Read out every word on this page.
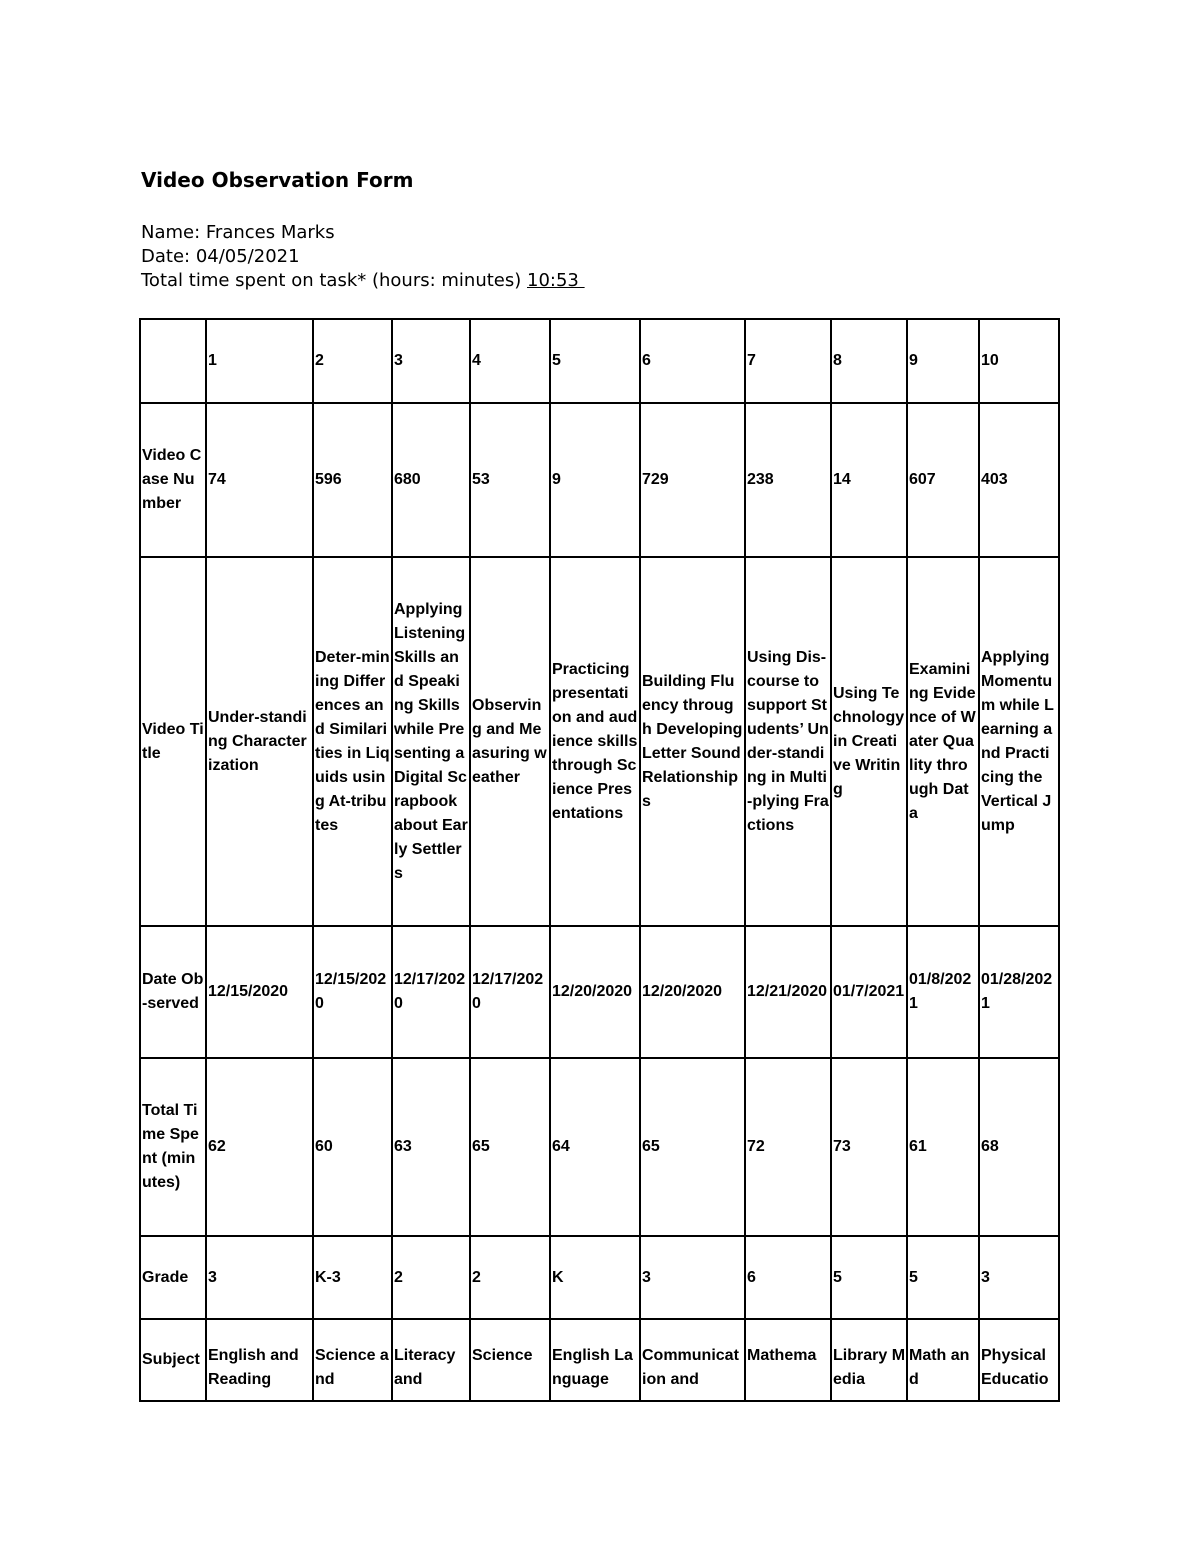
Video Observation Form

Name: Frances Marks

Date: 04/05/2021

Total time spent on task* (hours: minutes) 10:53

	1	2	3	4	5	6	7	8	9	10
Video Case Number	74	596	680	53	9	729	238	14	607	403
Video Title	Under-standing Characterization	Deter-mining Differences and Similarities in Liquids using At-tributes	Applying Listening Skills and Speaking Skills while Presenting a Digital Scrapbook about Early Settlers	Observing and Measuring weather	Practicing presentation and audience skills through Science Presentations	Building Fluency through Developing Letter Sound Relationships	Using Dis-course to support Students’ Under-standing in Multi-plying Fractions	Using Technology in Creative Writing	Examining Evidence of Water Quality through Data	Applying Momentum while Learning and Practicing the Vertical Jump
Date Ob-served	12/15/2020	12/15/2020	12/17/2020	12/17/2020	12/20/2020	12/20/2020	12/21/2020	01/7/2021	01/8/2021	01/28/2021
Total Time Spent (minutes)	62	60	63	65	64	65	72	73	61	68
Grade	3	K-3	2	2	K	3	6	5	5	3
Subject	English and Reading	Science and	Literacy and	Science	English Language	Communication and	Mathema	Library Media	Math and	Physical Educatio
